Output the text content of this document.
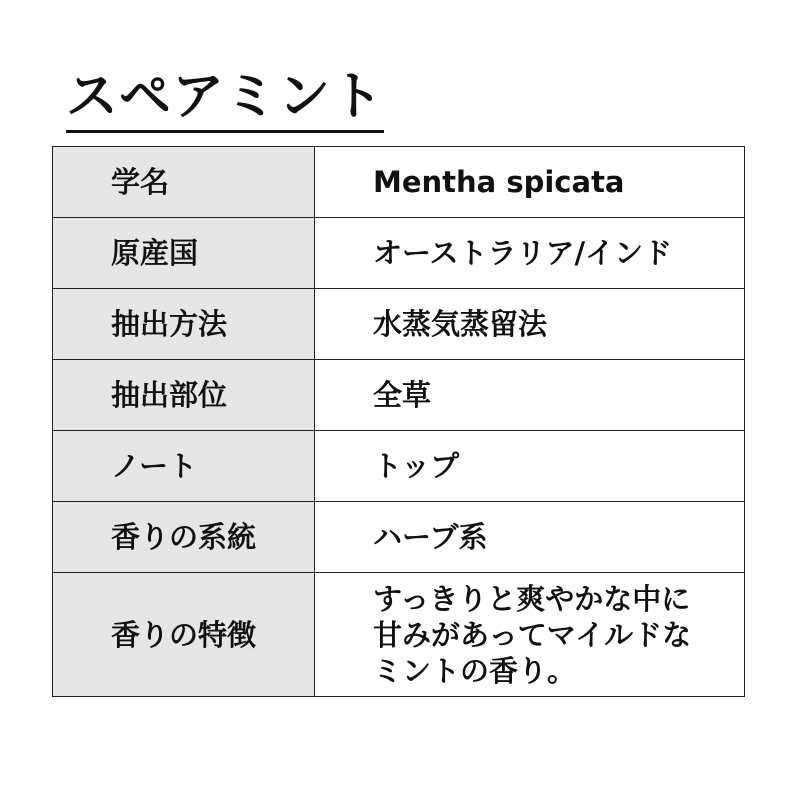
スペアミント
学名	Mentha spicata
原産国	オーストラリア/インド
抽出方法	水蒸気蒸留法
抽出部位	全草
ノート	トップ
香りの系統	ハーブ系
香りの特徴	すっきりと爽やかな中に
甘みがあってマイルドな
ミントの香り。
